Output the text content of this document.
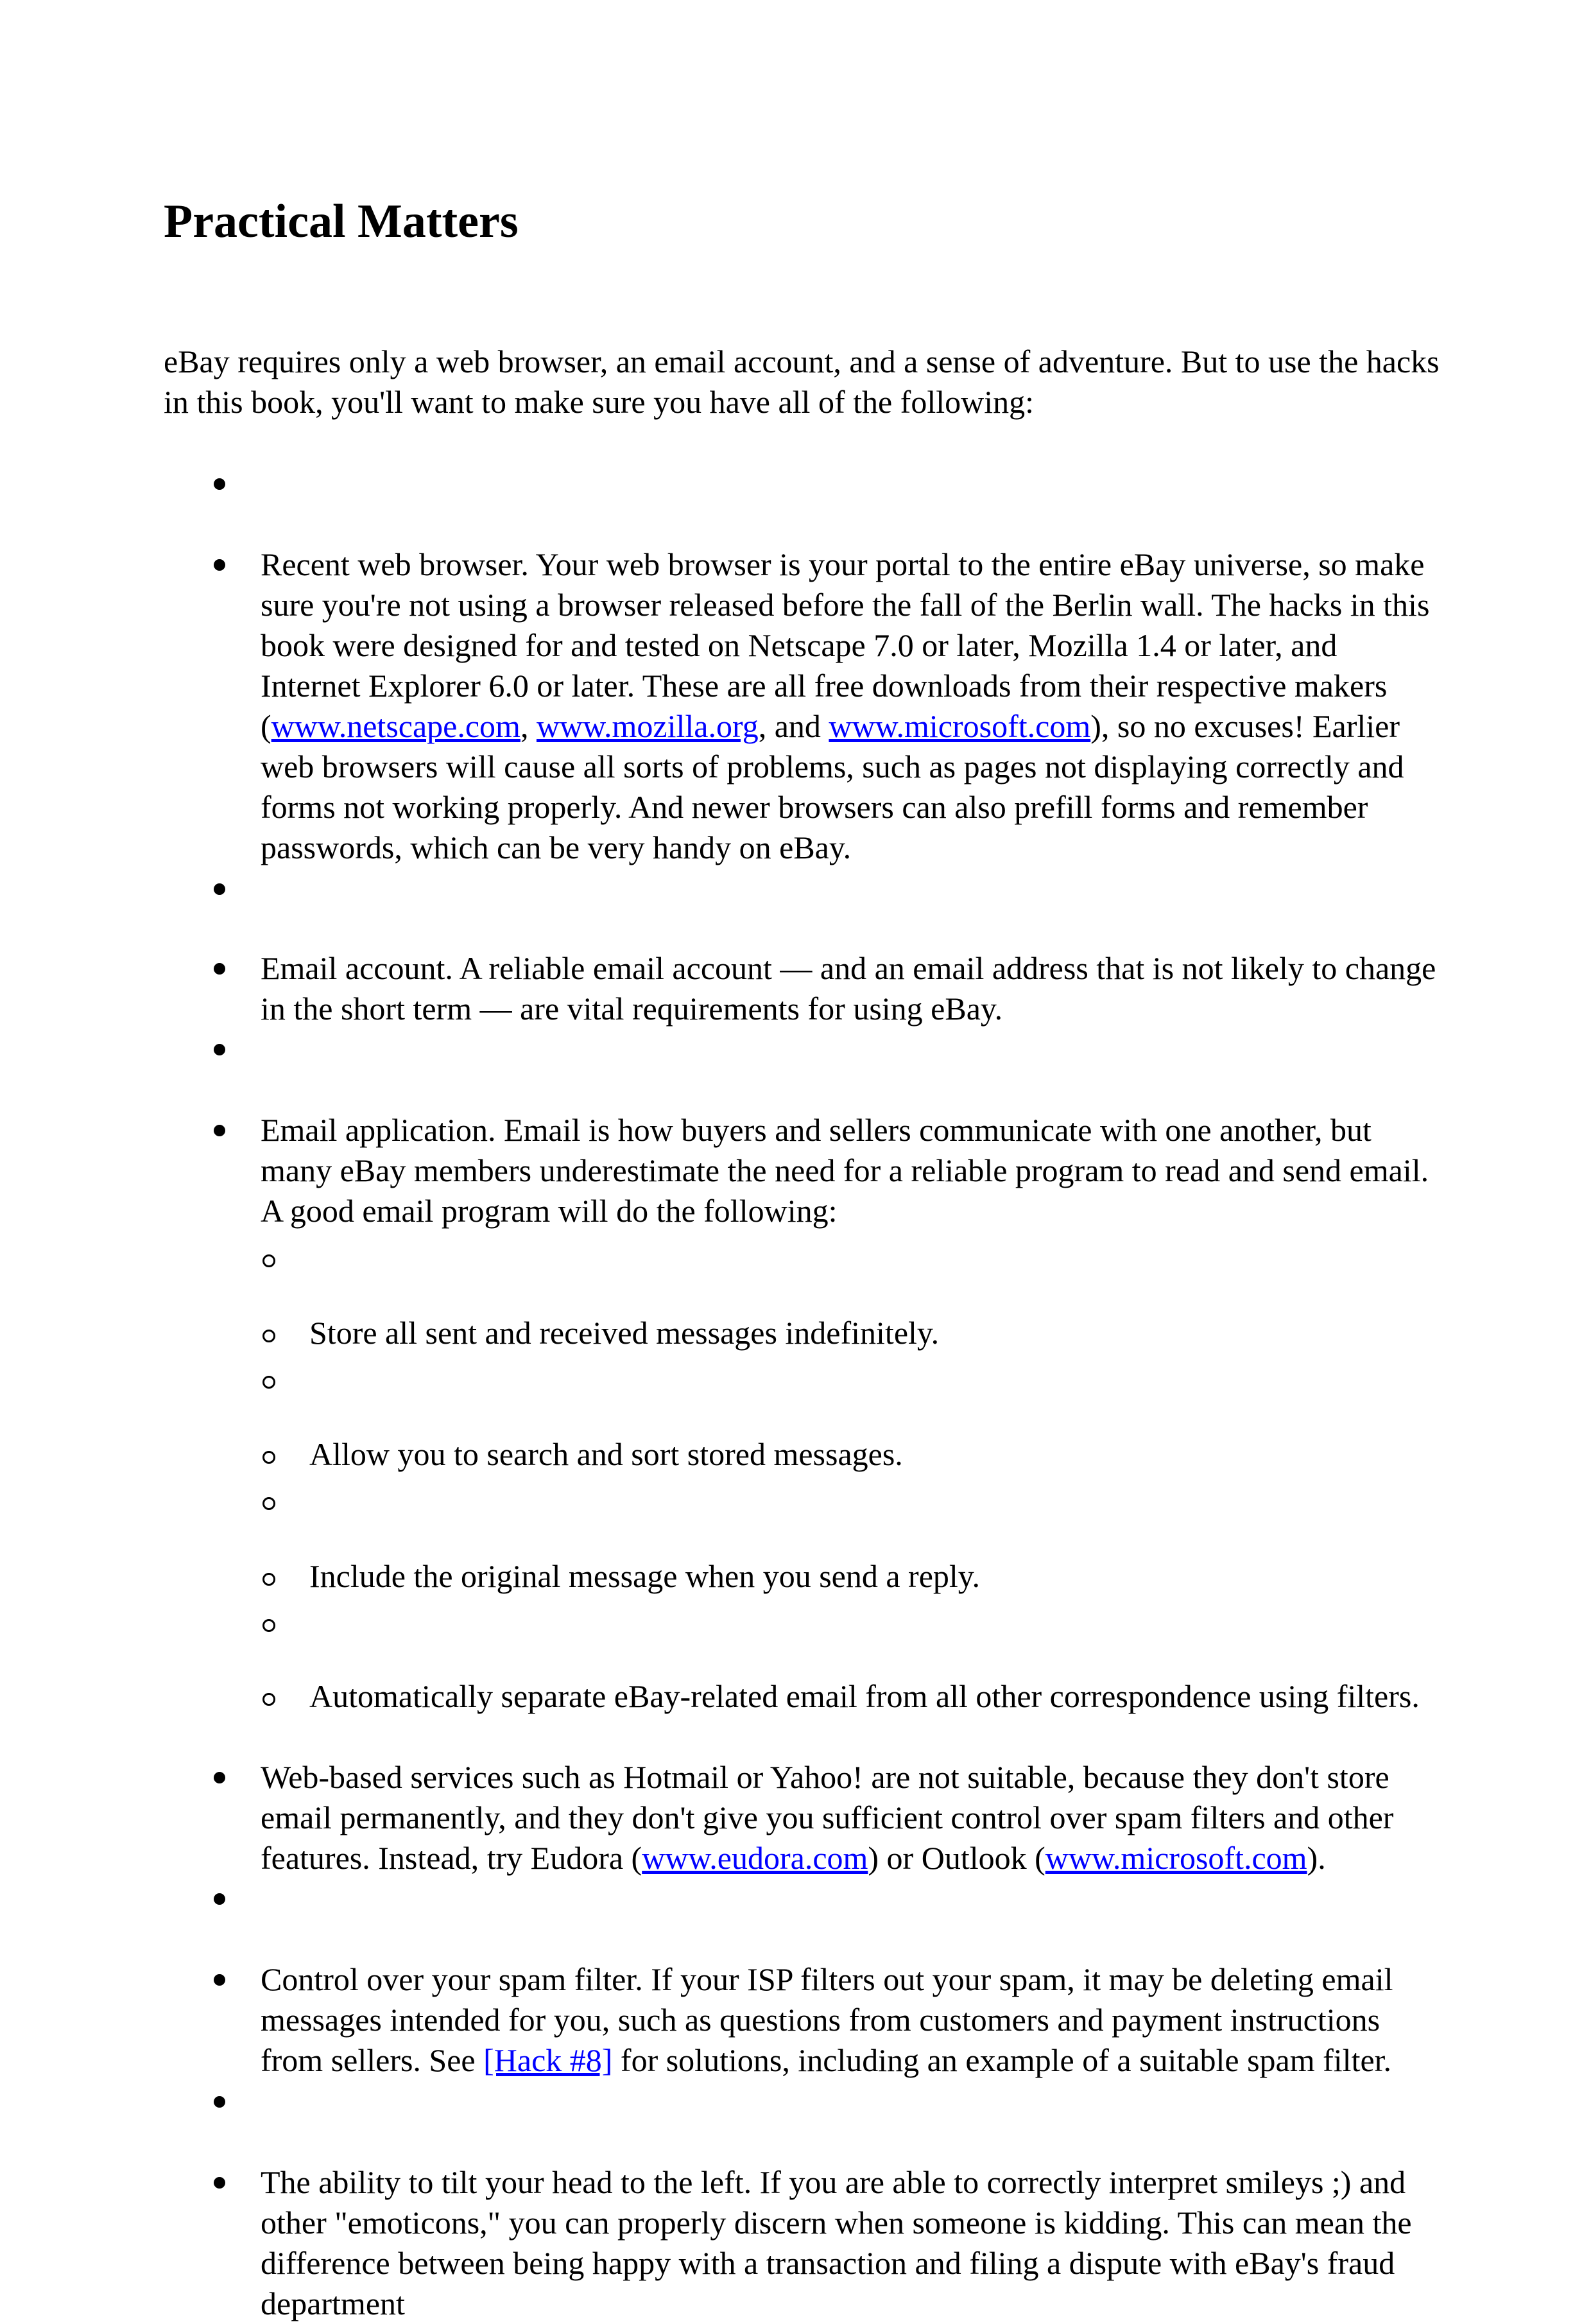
Practical Matters
eBay requires only a web browser, an email account, and a sense of adventure. But to use the hacks in this book, you'll want to make sure you have all of the following:
Recent web browser. Your web browser is your portal to the entire eBay universe, so make sure you're not using a browser released before the fall of the Berlin wall. The hacks in this book were designed for and tested on Netscape 7.0 or later, Mozilla 1.4 or later, and Internet Explorer 6.0 or later. These are all free downloads from their respective makers (www.netscape.com, www.mozilla.org, and www.microsoft.com), so no excuses! Earlier web browsers will cause all sorts of problems, such as pages not displaying correctly and forms not working properly. And newer browsers can also prefill forms and remember passwords, which can be very handy on eBay.
Email account. A reliable email account — and an email address that is not likely to change in the short term — are vital requirements for using eBay.
Email application. Email is how buyers and sellers communicate with one another, but many eBay members underestimate the need for a reliable program to read and send email. A good email program will do the following:
Store all sent and received messages indefinitely.
Allow you to search and sort stored messages.
Include the original message when you send a reply.
Automatically separate eBay-related email from all other correspondence using filters.
Web-based services such as Hotmail or Yahoo! are not suitable, because they don't store email permanently, and they don't give you sufficient control over spam filters and other features. Instead, try Eudora (www.eudora.com) or Outlook (www.microsoft.com).
Control over your spam filter. If your ISP filters out your spam, it may be deleting email messages intended for you, such as questions from customers and payment instructions from sellers. See [Hack #8] for solutions, including an example of a suitable spam filter.
The ability to tilt your head to the left. If you are able to correctly interpret smileys ;) and other "emoticons," you can properly discern when someone is kidding. This can mean the difference between being happy with a transaction and filing a dispute with eBay's fraud department
